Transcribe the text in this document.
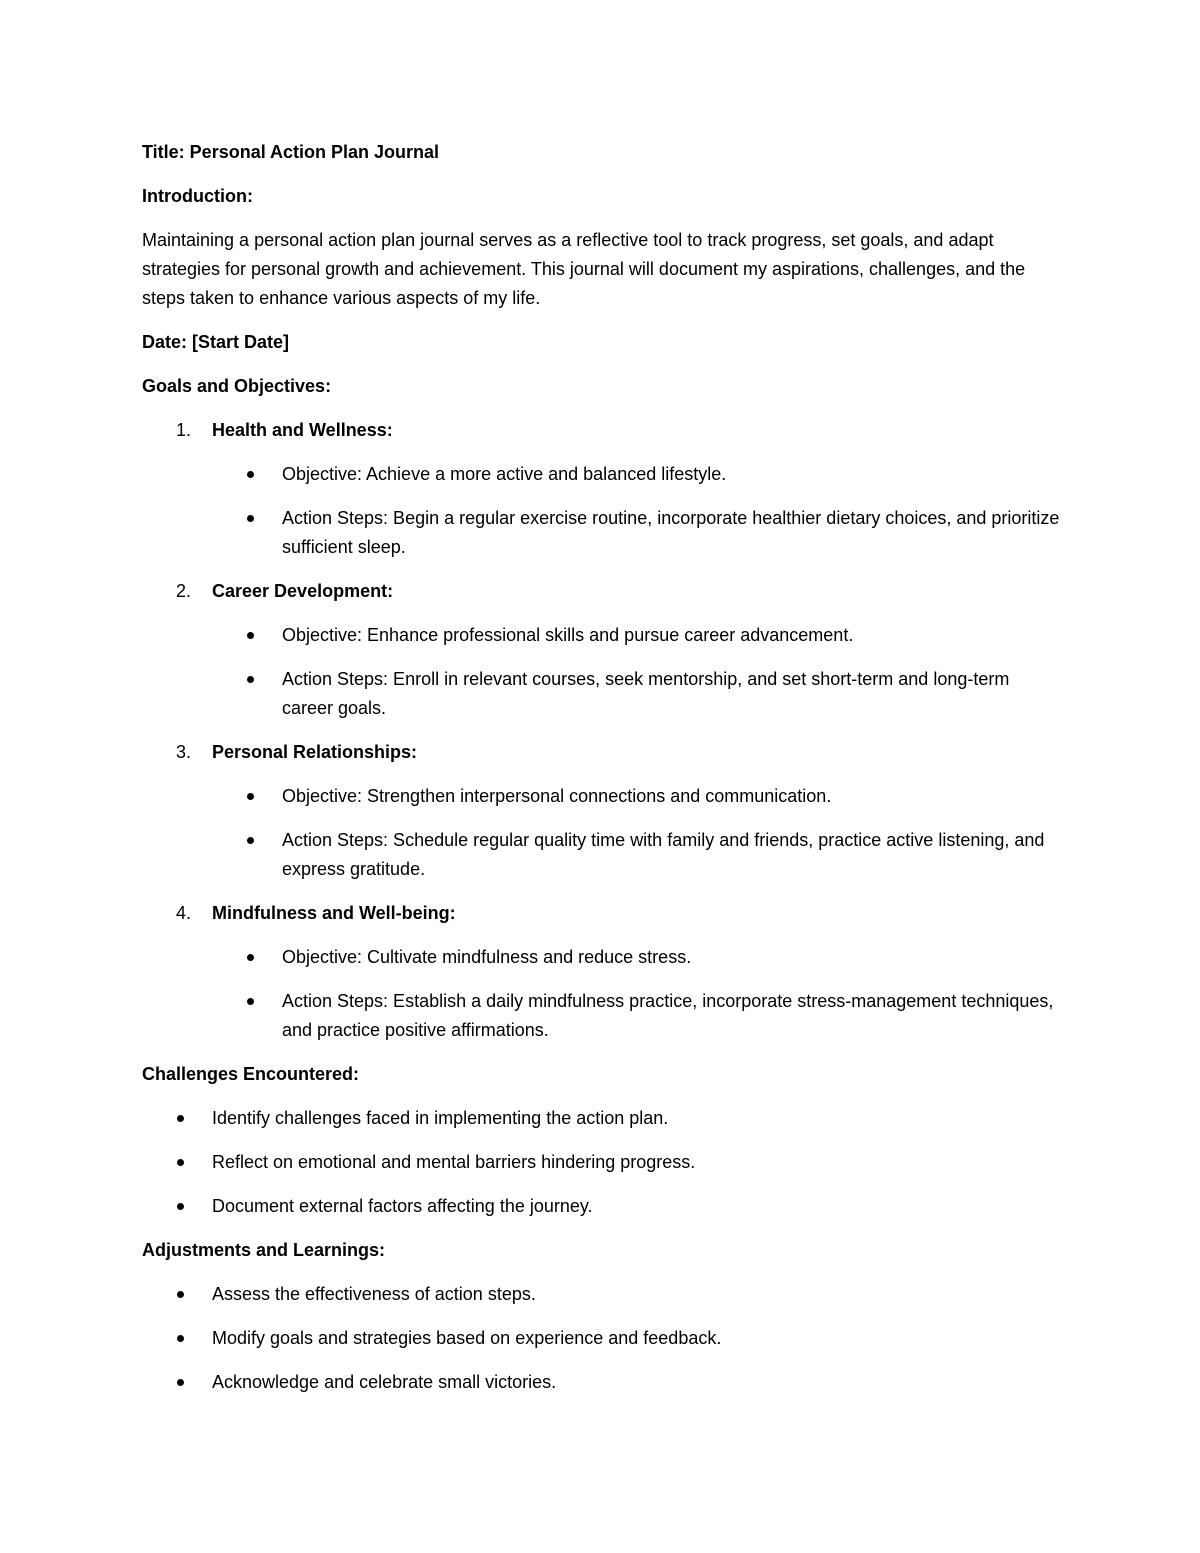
Title: Personal Action Plan Journal

Introduction:

Maintaining a personal action plan journal serves as a reflective tool to track progress, set goals, and adapt strategies for personal growth and achievement. This journal will document my aspirations, challenges, and the steps taken to enhance various aspects of my life.

Date: [Start Date]

Goals and Objectives:

1. Health and Wellness:

Objective: Achieve a more active and balanced lifestyle.
Action Steps: Begin a regular exercise routine, incorporate healthier dietary choices, and prioritize sufficient sleep.

2. Career Development:

Objective: Enhance professional skills and pursue career advancement.
Action Steps: Enroll in relevant courses, seek mentorship, and set short-term and long-term career goals.

3. Personal Relationships:

Objective: Strengthen interpersonal connections and communication.
Action Steps: Schedule regular quality time with family and friends, practice active listening, and express gratitude.

4. Mindfulness and Well-being:

Objective: Cultivate mindfulness and reduce stress.
Action Steps: Establish a daily mindfulness practice, incorporate stress-management techniques, and practice positive affirmations.

Challenges Encountered:

Identify challenges faced in implementing the action plan.
Reflect on emotional and mental barriers hindering progress.
Document external factors affecting the journey.

Adjustments and Learnings:

Assess the effectiveness of action steps.
Modify goals and strategies based on experience and feedback.
Acknowledge and celebrate small victories.
